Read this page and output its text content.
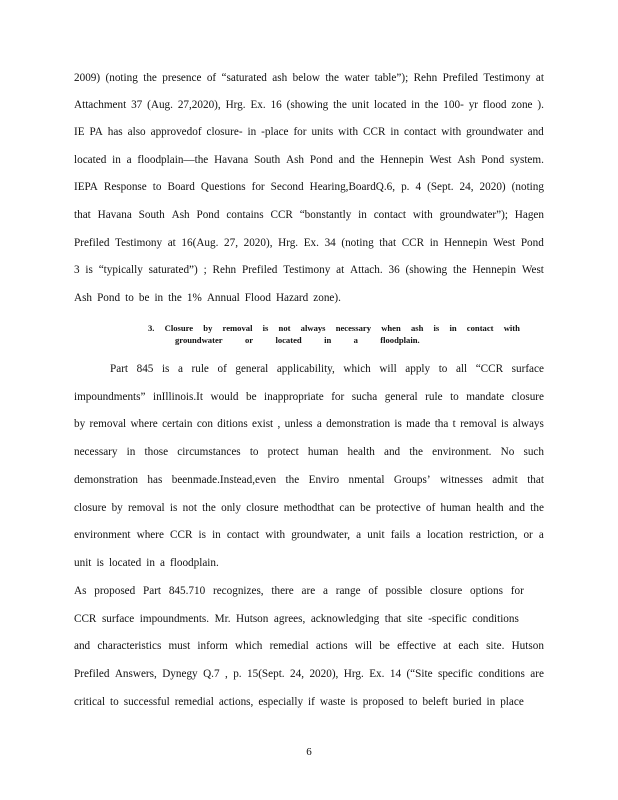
2009) (noting the presence of “saturated ash below the water table”); Rehn Prefiled Testimony at
Attachment 37 (Aug. 27,2020), Hrg. Ex. 16 (showing the unit located in the 100- yr flood zone ).
IE PA has also approvedof closure- in -place for units with CCR in contact with groundwater and
located in a floodplain—the Havana South Ash Pond and the Hennepin West Ash Pond system.
IEPA Response to Board Questions for Second Hearing,BoardQ.6, p. 4 (Sept. 24, 2020) (noting
that Havana South Ash Pond contains CCR “bonstantly in contact with groundwater”); Hagen
Prefiled Testimony at 16(Aug. 27, 2020), Hrg. Ex. 34 (noting that CCR in Hennepin West Pond
3 is “typically saturated”) ; Rehn Prefiled Testimony at Attach. 36 (showing the Hennepin West
Ash Pond to be in the 1% Annual Flood Hazard zone).
3. Closure by removal is not always necessary when ash is in contact with
groundwater	or	located	in	a	floodplain.
Part 845 is a rule of general applicability, which will apply to all “CCR surface
impoundments” inIllinois.It would be inappropriate for sucha general rule to mandate closure
by removal where certain con ditions exist , unless a demonstration is made tha t removal is always
necessary in those circumstances to protect human health and the environment. No such
demonstration has beenmade.Instead,even the Enviro nmental Groups’ witnesses admit that
closure by removal is not the only closure methodthat can be protective of human health and the
environment where CCR is in contact with groundwater, a unit fails a location restriction, or a
unit is located in a floodplain.
As proposed Part 845.710 recognizes, there are a range of possible closure options for
CCR surface impoundments. Mr. Hutson agrees, acknowledging that site -specific conditions
and characteristics must inform which remedial actions will be effective at each site. Hutson
Prefiled Answers, Dynegy Q.7 , p. 15(Sept. 24, 2020), Hrg. Ex. 14 (“Site specific conditions are
critical to successful remedial actions, especially if waste is proposed to beleft buried in place
6
